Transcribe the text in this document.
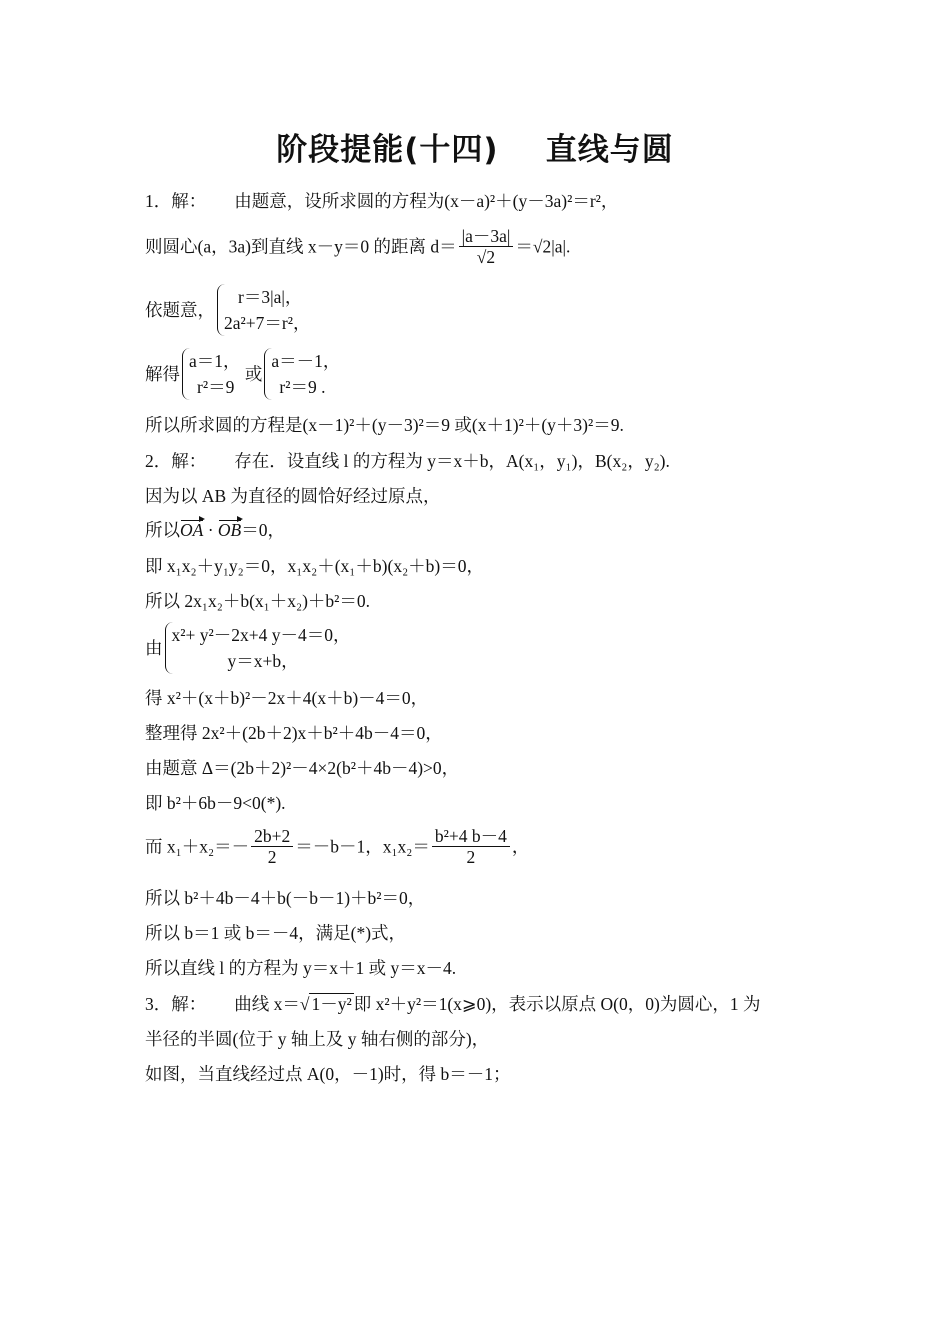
阶段提能(十四)    直线与圆
1．解： 由题意，设所求圆的方程为(x－a)²＋(y－3a)²＝r²，
则圆心(a，3a)到直线 x－y＝0 的距离 $d= \frac{|a-3a|}{√2} =√2|a|$.
依题意，
r＝3|a|，
2a²+7＝r²，
解得
a＝1，
r²＝9
或
a＝－1，
r²＝9 .
所以所求圆的方程是(x－1)²＋(y－3)²＝9 或(x＋1)²＋(y＋3)²＝9.
2．解： 存在．设直线 l 的方程为 y＝x＋b，A(x₁，y₁)，B(x₂，y₂).
因为以 AB 为直径的圆恰好经过原点，
所以OA · OB＝0，
即 x₁x₂＋y₁y₂＝0，x₁x₂＋(x₁＋b)(x₂＋b)＝0，
所以 2x₁x₂＋b(x₁＋x₂)＋b²＝0.
由
x²+ y²－2x+4 y－4＝0，
y＝x+b，
得 x²＋(x＋b)²－2x＋4(x＋b)－4＝0，
整理得 2x²＋(2b＋2)x＋b²＋4b－4＝0，
由题意 Δ＝(2b＋2)²－4×2(b²＋4b－4)>0，
即 b²＋6b－9<0(*).
而 $x_1+x_2=- \frac{2b+2}{2} =-b-1$，$x_1x_2= \frac{\text{b²+4 b－4}}{2}$ ，
所以 b²＋4b－4＋b(－b－1)＋b²＝0，
所以 b＝1 或 b＝－4，满足(*)式，
所以直线 l 的方程为 y＝x＋1 或 y＝x－4.
3．解： 曲线 x＝√ 1－y² 即 x²＋y²＝1(x⩾0)，表示以原点 O(0，0)为圆心，1 为
半径的半圆(位于 y 轴上及 y 轴右侧的部分)，
如图，当直线经过点 A(0，－1)时，得 b＝－1；
